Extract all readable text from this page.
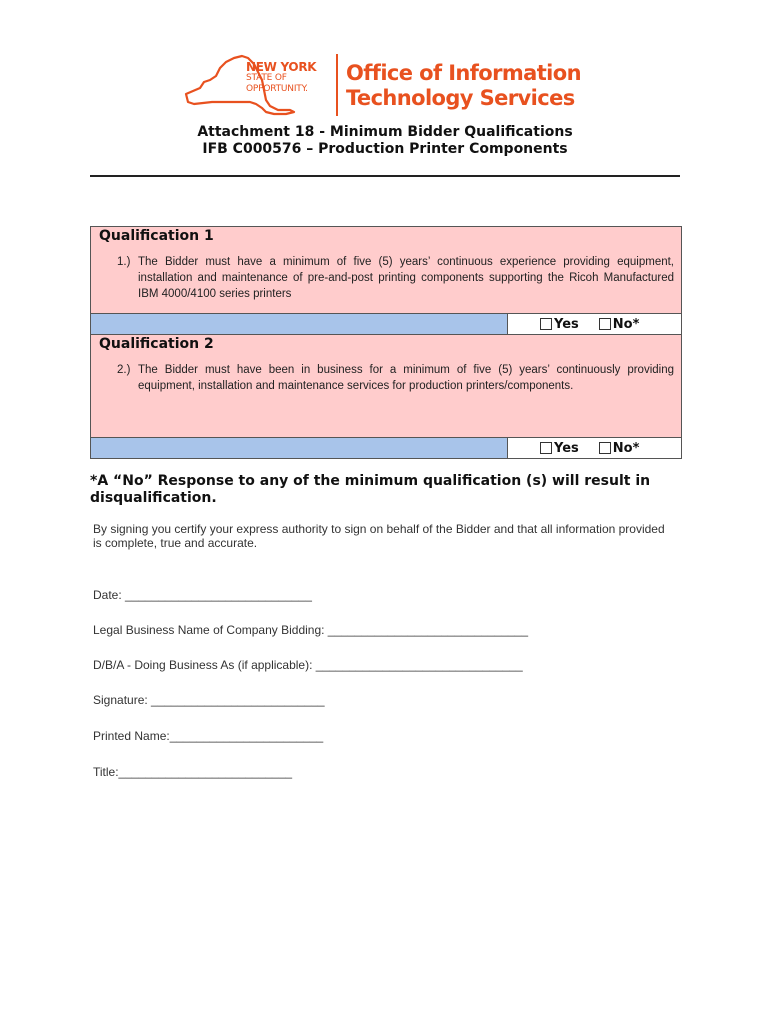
NEW YORK
STATE OF
OPPORTUNITY.
Office of Information
Technology Services
Attachment 18 - Minimum Bidder Qualifications
IFB C000576 – Production Printer Components
Qualification 1
1.) The Bidder must have a minimum of five (5) years’ continuous experience providing equipment, installation and maintenance of pre-and-post printing components supporting the Ricoh Manufactured IBM 4000/4100 series printers
Yes	No*
Qualification 2
2.) The Bidder must have been in business for a minimum of five (5) years’ continuously providing equipment, installation and maintenance services for production printers/components.
Yes	No*
*A “No” Response to any of the minimum qualification (s) will result in disqualification.
By signing you certify your express authority to sign on behalf of the Bidder and that all information provided is complete, true and accurate.
Date: ____________________________
Legal Business Name of Company Bidding: ______________________________
D/B/A - Doing Business As (if applicable): _______________________________
Signature: __________________________
Printed Name:_______________________
Title:__________________________
